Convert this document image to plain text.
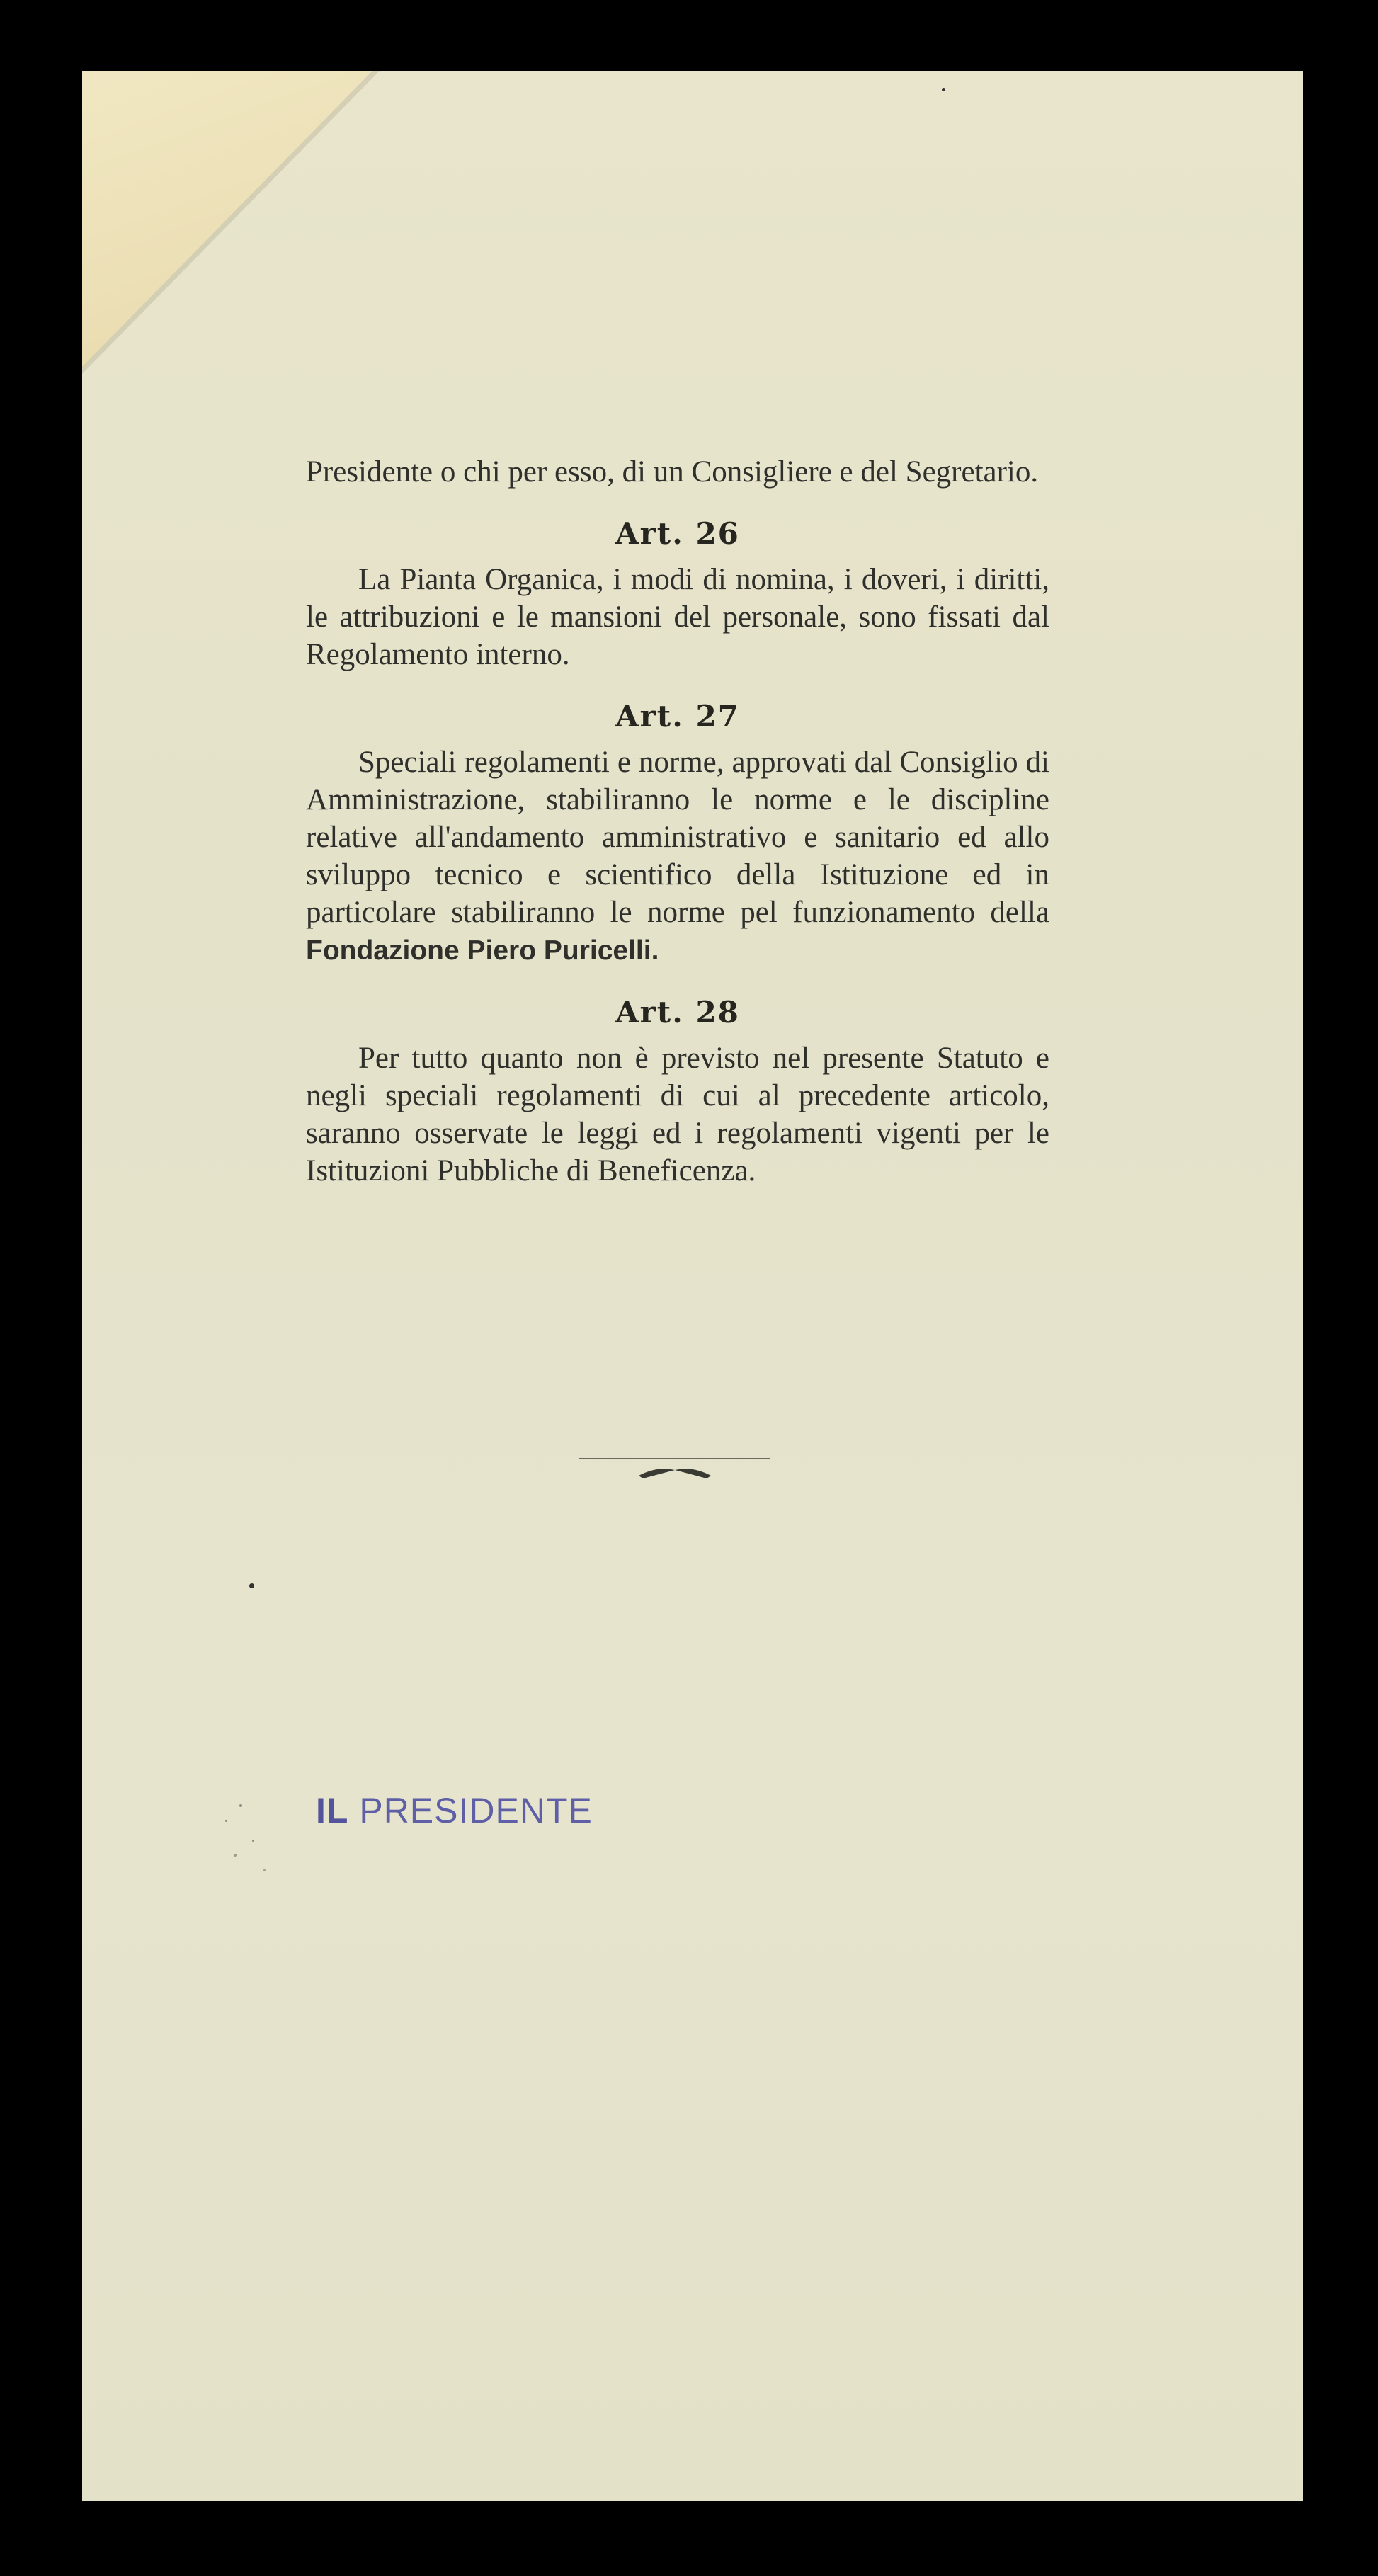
Presidente o chi per esso, di un Consigliere e del Segretario.

Art. 26

La Pianta Organica, i modi di nomina, i doveri, i diritti, le attribuzioni e le mansioni del personale, sono fissati dal Regolamento interno.

Art. 27

Speciali regolamenti e norme, approvati dal Consiglio di Amministrazione, stabiliranno le norme e le discipline relative all'andamento amministrativo e sanitario ed allo sviluppo tecnico e scientifico della Istituzione ed in particolare stabiliranno le norme pel funzionamento della Fondazione Piero Puricelli.

Art. 28

Per tutto quanto non è previsto nel presente Statuto e negli speciali regolamenti di cui al precedente articolo, saranno osservate le leggi ed i regolamenti vigenti per le Istituzioni Pubbliche di Beneficenza.

IL PRESIDENTE
